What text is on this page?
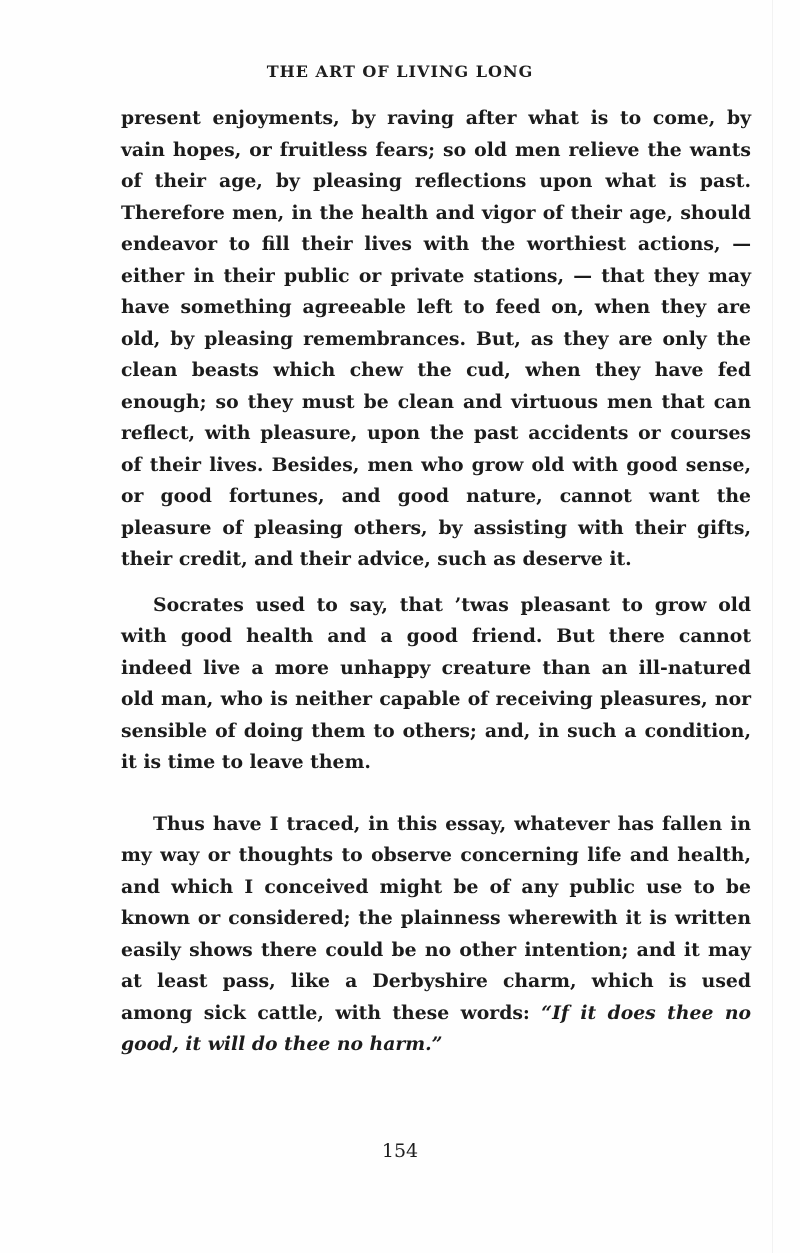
THE ART OF LIVING LONG

present enjoyments, by raving after what is to come, by vain hopes, or fruitless fears; so old men relieve the wants of their age, by pleasing reflections upon what is past. Therefore men, in the health and vigor of their age, should endeavor to fill their lives with the worthiest actions, — either in their public or private stations, — that they may have something agreeable left to feed on, when they are old, by pleasing remembrances. But, as they are only the clean beasts which chew the cud, when they have fed enough; so they must be clean and virtuous men that can reflect, with pleasure, upon the past accidents or courses of their lives. Besides, men who grow old with good sense, or good fortunes, and good nature, cannot want the pleasure of pleasing others, by assisting with their gifts, their credit, and their advice, such as deserve it.

Socrates used to say, that ’twas pleasant to grow old with good health and a good friend. But there cannot indeed live a more unhappy creature than an ill-natured old man, who is neither capable of receiving pleasures, nor sensible of doing them to others; and, in such a condition, it is time to leave them.

Thus have I traced, in this essay, whatever has fallen in my way or thoughts to observe concerning life and health, and which I conceived might be of any public use to be known or considered; the plainness wherewith it is written easily shows there could be no other intention; and it may at least pass, like a Derbyshire charm, which is used among sick cattle, with these words: “If it does thee no good, it will do thee no harm.”

154
